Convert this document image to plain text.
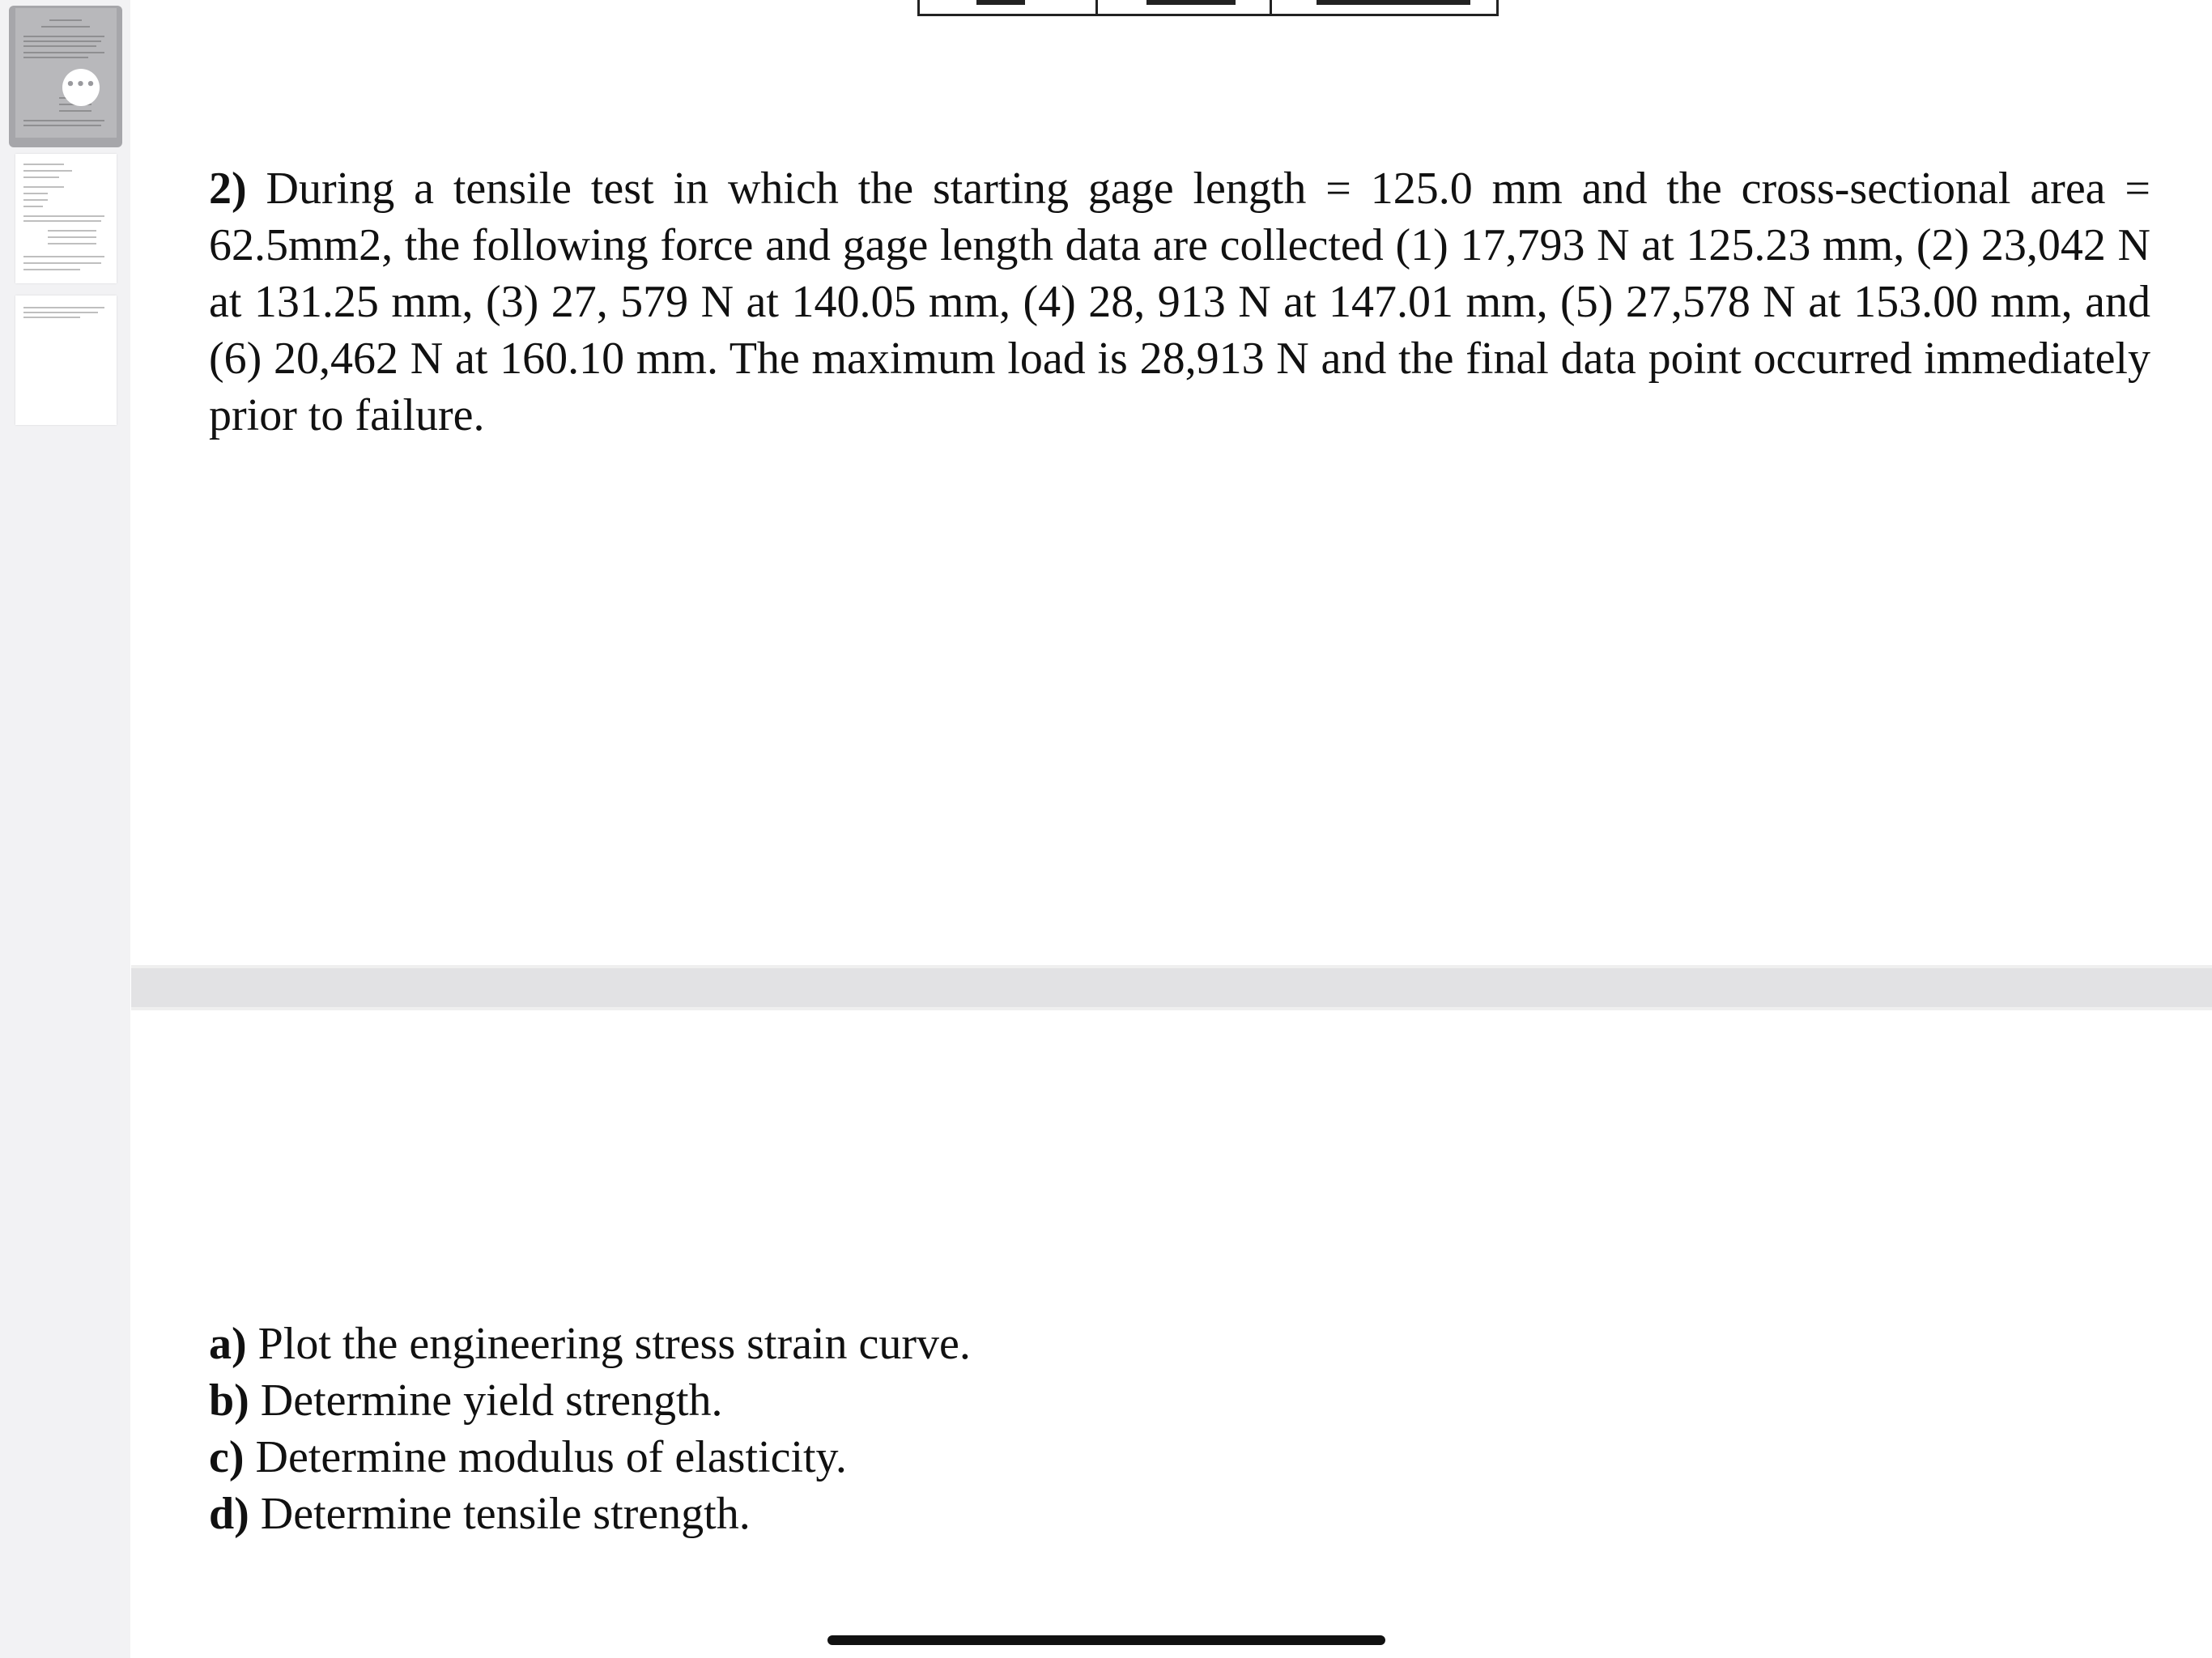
•••
2) During a tensile test in which the starting gage length = 125.0 mm and the cross-sectional area = 62.5mm2, the following force and gage length data are collected (1) 17,793 N at 125.23 mm, (2) 23,042 N at 131.25 mm, (3) 27, 579 N at 140.05 mm, (4) 28, 913 N at 147.01 mm, (5) 27,578 N at 153.00 mm, and (6) 20,462 N at 160.10 mm. The maximum load is 28,913 N and the final data point occurred immediately prior to failure.
a) Plot the engineering stress strain curve.
b) Determine yield strength.
c) Determine modulus of elasticity.
d) Determine tensile strength.
